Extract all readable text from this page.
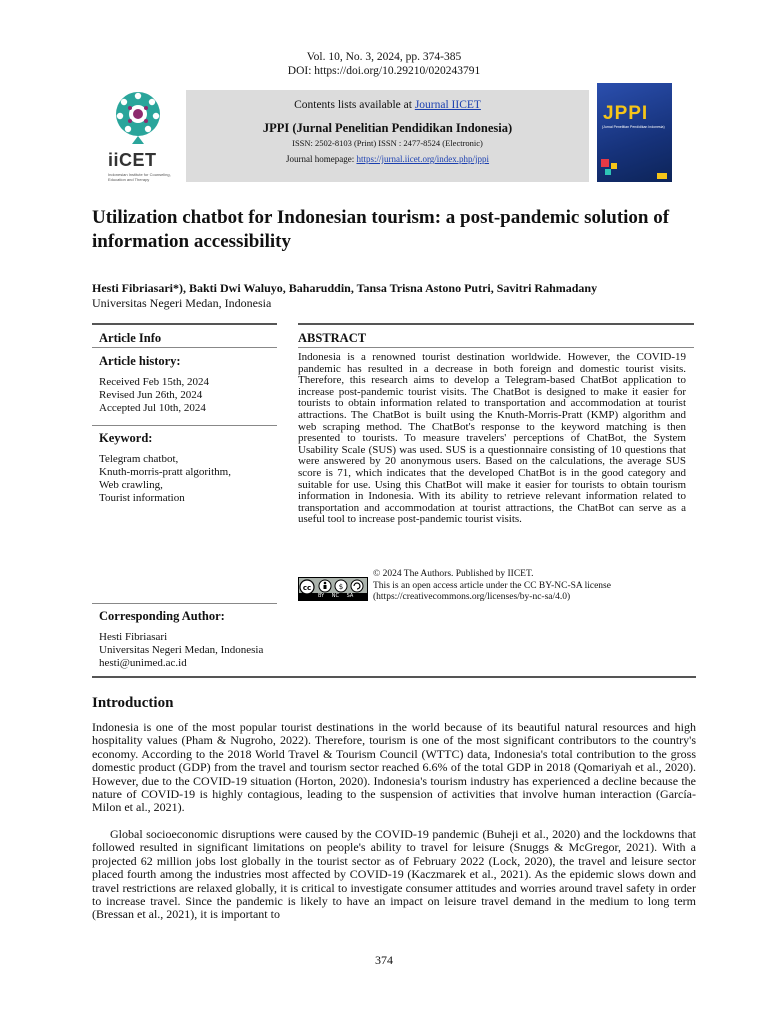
Vol. 10, No. 3, 2024, pp. 374-385
DOI: https://doi.org/10.29210/020243791
iiCET
Indonesian Institute for Counseling, Education and Therapy
Contents lists available at Journal IICET
JPPI (Jurnal Penelitian Pendidikan Indonesia)
ISSN: 2502-8103 (Print) ISSN : 2477-8524 (Electronic)
Journal homepage: https://jurnal.iicet.org/index.php/jppi
JPPI
(Jurnal Penelitian Pendidikan Indonesia)
Utilization chatbot for Indonesian tourism: a post-pandemic solution of information accessibility
Hesti Fibriasari*), Bakti Dwi Waluyo, Baharuddin, Tansa Trisna Astono Putri, Savitri Rahmadany
Universitas Negeri Medan, Indonesia
Article Info
Article history:
Received Feb 15th, 2024
Revised Jun 26th, 2024
Accepted Jul 10th, 2024
Keyword:
Telegram chatbot,
Knuth-morris-pratt algorithm,
Web crawling,
Tourist information
ABSTRACT
Indonesia is a renowned tourist destination worldwide. However, the COVID-19 pandemic has resulted in a decrease in both foreign and domestic tourist visits. Therefore, this research aims to develop a Telegram-based ChatBot application to increase post-pandemic tourist visits. The ChatBot is designed to make it easier for tourists to obtain information related to transportation and accommodation at tourist attractions. The ChatBot is built using the Knuth-Morris-Pratt (KMP) algorithm and web scraping method. The ChatBot's response to the keyword matching is then presented to tourists. To measure travelers' perceptions of ChatBot, the System Usability Scale (SUS) was used. SUS is a questionnaire consisting of 10 questions that were answered by 20 anonymous users. Based on the calculations, the average SUS score is 71, which indicates that the developed ChatBot is in the good category and suitable for use. Using this ChatBot will make it easier for tourists to obtain tourism information in Indonesia. With its ability to retrieve relevant information related to transportation and accommodation at tourist attractions, the ChatBot can serve as a useful tool to increase post-pandemic tourist visits.
cc	$
BY NC SA
© 2024 The Authors. Published by IICET.
This is an open access article under the CC BY-NC-SA license
(https://creativecommons.org/licenses/by-nc-sa/4.0)
Corresponding Author:
Hesti Fibriasari
Universitas Negeri Medan, Indonesia
hesti@unimed.ac.id
Introduction
Indonesia is one of the most popular tourist destinations in the world because of its beautiful natural resources and high hospitality values (Pham & Nugroho, 2022). Therefore, tourism is one of the most significant contributors to the country's economy. According to the 2018 World Travel & Tourism Council (WTTC) data, Indonesia's total contribution to the gross domestic product (GDP) from the travel and tourism sector reached 6.6% of the total GDP in 2018 (Qomariyah et al., 2020). However, due to the COVID-19 situation (Horton, 2020). Indonesia's tourism industry has experienced a decline because the nature of COVID-19 is highly contagious, leading to the suspension of activities that involve human interaction (García-Milon et al., 2021).
Global socioeconomic disruptions were caused by the COVID-19 pandemic (Buheji et al., 2020) and the lockdowns that followed resulted in significant limitations on people's ability to travel for leisure (Snuggs & McGregor, 2021). With a projected 62 million jobs lost globally in the tourist sector as of February 2022 (Lock, 2020), the travel and leisure sector placed fourth among the industries most affected by COVID-19 (Kaczmarek et al., 2021). As the epidemic slows down and travel restrictions are relaxed globally, it is critical to investigate consumer attitudes and worries around travel safety in order to increase travel. Since the pandemic is likely to have an impact on leisure travel demand in the medium to long term (Bressan et al., 2021), it is important to
374
